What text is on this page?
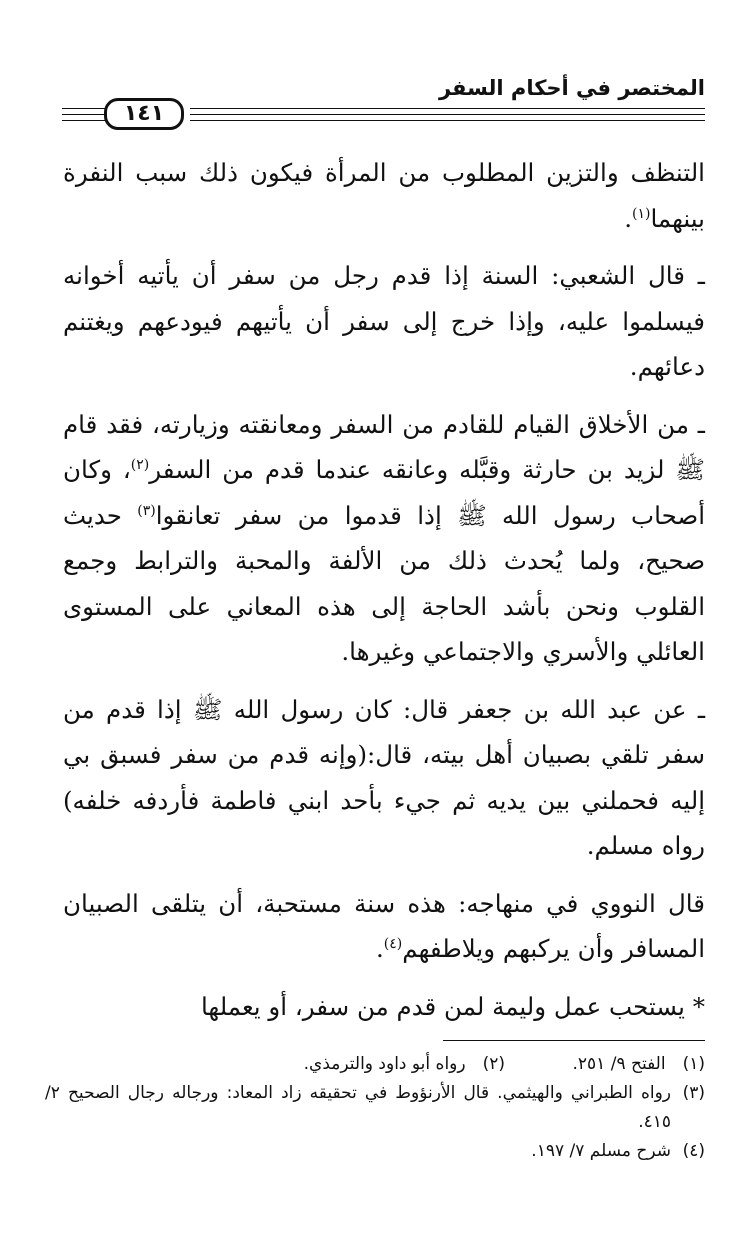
المختصر في أحكام السفر
١٤١

التنظف والتزين المطلوب من المرأة فيكون ذلك سبب النفرة بينهما$^{(١)}$.

ـ قال الشعبي: السنة إذا قدم رجل من سفر أن يأتيه أخوانه فيسلموا عليه، وإذا خرج إلى سفر أن يأتيهم فيودعهم ويغتنم دعائهم.

ـ من الأخلاق القيام للقادم من السفر ومعانقته وزيارته، فقد قام ﷺ لزيد بن حارثة وقبَّله وعانقه عندما قدم من السفر$^{(٢)}$، وكان أصحاب رسول الله ﷺ إذا قدموا من سفر تعانقوا$^{(٣)}$ حديث صحيح، ولما يُحدث ذلك من الألفة والمحبة والترابط وجمع القلوب ونحن بأشد الحاجة إلى هذه المعاني على المستوى العائلي والأسري والاجتماعي وغيرها.

ـ عن عبد الله بن جعفر قال: كان رسول الله ﷺ إذا قدم من سفر تلقي بصبيان أهل بيته، قال:(وإنه قدم من سفر فسبق بي إليه فحملني بين يديه ثم جيء بأحد ابني فاطمة فأردفه خلفه) رواه مسلم.

قال النووي في منهاجه: هذه سنة مستحبة، أن يتلقى الصبيان المسافر وأن يركبهم ويلاطفهم$^{(٤)}$.

* يستحب عمل وليمة لمن قدم من سفر، أو يعملها

(١) الفتح ٩/ ٢٥١.
(٢) رواه أبو داود والترمذي.
(٣)
رواه الطبراني والهيثمي. قال الأرنؤوط في تحقيقه زاد المعاد: ورجاله رجال الصحيح ٢/ ٤١٥.
(٤)
شرح مسلم ٧/ ١٩٧.
